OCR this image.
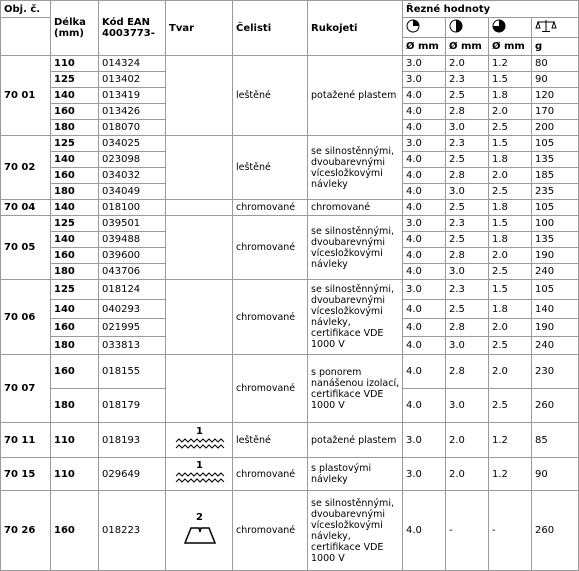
Obj. č.	Délka (mm)	Kód EAN 4003773-	Tvar	Čelisti	Rukojeti	Řezné hodnoty			

						Ø mm	Ø mm	Ø mm	g
70 01	110	014324		leštěné	potažené plastem	3.0	2.0	1.2	80
	125	013402				3.0	2.3	1.5	90
	140	013419				4.0	2.5	1.8	120
	160	013426				4.0	2.8	2.0	170
	180	018070				4.0	3.0	2.5	200
70 02	125	034025		leštěné	se silnostěnnými, dvoubarevnými vícesložkovými návleky	3.0	2.3	1.5	105
	140	023098				4.0	2.5	1.8	135
	160	034032				4.0	2.8	2.0	185
	180	034049				4.0	3.0	2.5	235
70 04	140	018100		chromované	chromované	4.0	2.5	1.8	105
70 05	125	039501		chromované	se silnostěnnými, dvoubarevnými vícesložkovými návleky	3.0	2.3	1.5	100
	140	039488				4.0	2.5	1.8	135
	160	039600				4.0	2.8	2.0	190
	180	043706				4.0	3.0	2.5	240
70 06	125	018124		chromované	se silnostěnnými, dvoubarevnými vícesložkovými návleky, certifikace VDE 1000 V	3.0	2.3	1.5	105
	140	040293				4.0	2.5	1.8	140
	160	021995				4.0	2.8	2.0	190
	180	033813				4.0	3.0	2.5	240
70 07	160	018155		chromované	s ponorem nanášenou izolací, certifikace VDE 1000 V	4.0	2.8	2.0	230
	180	018179				4.0	3.0	2.5	260
70 11	110	018193	1	leštěné	potažené plastem	3.0	2.0	1.2	85
70 15	110	029649	1	chromované	s plastovými návleky	3.0	2.0	1.2	90
70 26	160	018223	2	chromované	se silnostěnnými, dvoubarevnými vícesložkovými návleky, certifikace VDE 1000 V	4.0	-	-	260
